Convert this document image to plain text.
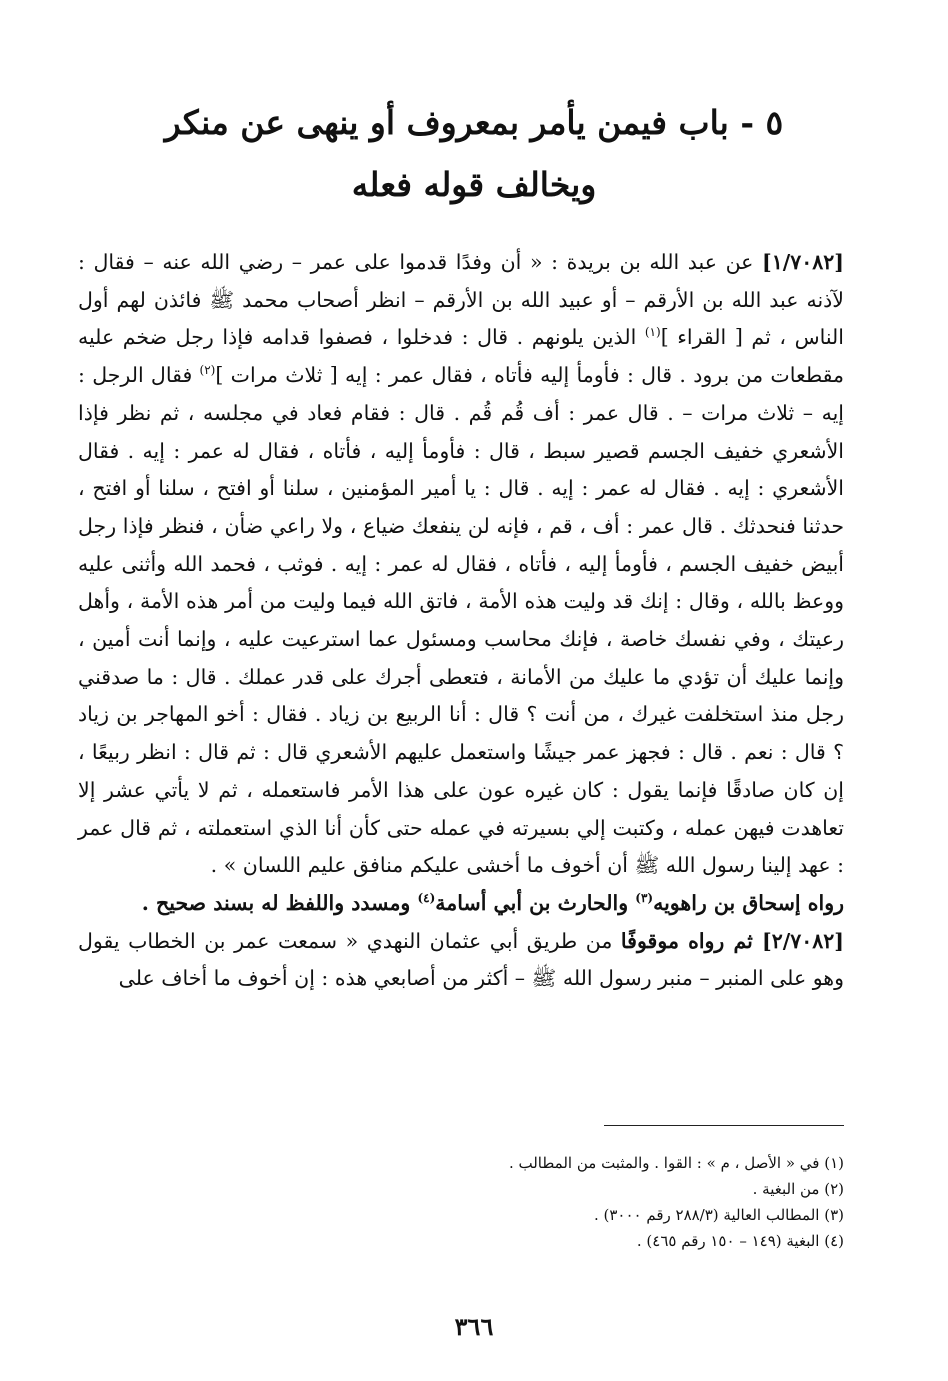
٥ - باب فيمن يأمر بمعروف أو ينهى عن منكر
ويخالف قوله فعله

[١/٧٠٨٢] عن عبد الله بن بريدة : « أن وفدًا قدموا على عمر – رضي الله عنه – فقال : لآذنه عبد الله بن الأرقم – أو عبيد الله بن الأرقم – انظر أصحاب محمد ﷺ فائذن لهم أول الناس ، ثم [ القراء ]$^{(١)}$ الذين يلونهم . قال : فدخلوا ، فصفوا قدامه فإذا رجل ضخم عليه مقطعات من برود . قال : فأومأ إليه فأتاه ، فقال عمر : إيه [ ثلاث مرات ]$^{(٢)}$ فقال الرجل : إيه – ثلاث مرات – . قال عمر : أف قُم قُم . قال : فقام فعاد في مجلسه ، ثم نظر فإذا الأشعري خفيف الجسم قصير سبط ، قال : فأومأ إليه ، فأتاه ، فقال له عمر : إيه . فقال الأشعري : إيه . فقال له عمر : إيه . قال : يا أمير المؤمنين ، سلنا أو افتح ، سلنا أو افتح ، حدثنا فنحدثك . قال عمر : أف ، قم ، فإنه لن ينفعك ضياع ، ولا راعي ضأن ، فنظر فإذا رجل أبيض خفيف الجسم ، فأومأ إليه ، فأتاه ، فقال له عمر : إيه . فوثب ، فحمد الله وأثنى عليه ووعظ بالله ، وقال : إنك قد وليت هذه الأمة ، فاتق الله فيما وليت من أمر هذه الأمة ، وأهل رعيتك ، وفي نفسك خاصة ، فإنك محاسب ومسئول عما استرعيت عليه ، وإنما أنت أمين ، وإنما عليك أن تؤدي ما عليك من الأمانة ، فتعطى أجرك على قدر عملك . قال : ما صدقني رجل منذ استخلفت غيرك ، من أنت ؟ قال : أنا الربيع بن زياد . فقال : أخو المهاجر بن زياد ؟ قال : نعم . قال : فجهز عمر جيشًا واستعمل عليهم الأشعري قال : ثم قال : انظر ربيعًا ، إن كان صادقًا فإنما يقول : كان غيره عون على هذا الأمر فاستعمله ، ثم لا يأتي عشر إلا تعاهدت فيهن عمله ، وكتبت إلي بسيرته في عمله حتى كأن أنا الذي استعملته ، ثم قال عمر : عهد إلينا رسول الله ﷺ أن أخوف ما أخشى عليكم منافق عليم اللسان » .

رواه إسحاق بن راهويه$^{(٣)}$ والحارث بن أبي أسامة$^{(٤)}$ ومسدد واللفظ له بسند صحيح .

[٢/٧٠٨٢] ثم رواه موقوفًا من طريق أبي عثمان النهدي « سمعت عمر بن الخطاب يقول وهو على المنبر – منبر رسول الله ﷺ – أكثر من أصابعي هذه : إن أخوف ما أخاف على

(١) في « الأصل ، م » : القوا . والمثبت من المطالب .
(٢) من البغية .
(٣) المطالب العالية (٢٨٨/٣ رقم ٣٠٠٠) .
(٤) البغية (١٤٩ – ١٥٠ رقم ٤٦٥) .
٣٦٦
